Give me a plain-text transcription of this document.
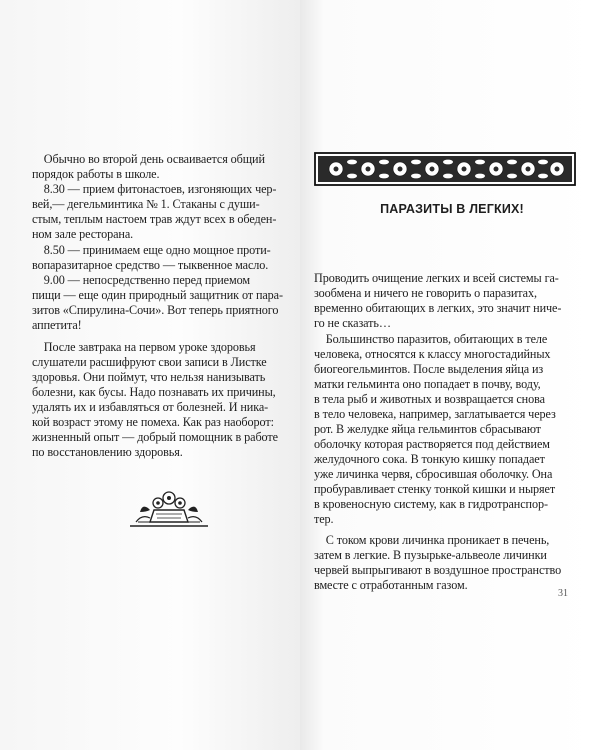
Обычно во второй день осваивается общий

порядок работы в школе.

8.30 — прием фитонастоев, изгоняющих чер-

вей,— дегельминтика № 1. Стаканы с души-

стым, теплым настоем трав ждут всех в обеден-

ном зале ресторана.

8.50 — принимаем еще одно мощное проти-

вопаразитарное средство — тыквенное масло.

9.00 — непосредственно перед приемом

пищи — еще один природный защитник от пара-

зитов «Спирулина-Сочи». Вот теперь приятного

аппетита!

После завтрака на первом уроке здоровья

слушатели расшифруют свои записи в Листке

здоровья. Они поймут, что нельзя нанизывать

болезни, как бусы. Надо познавать их причины,

удалять их и избавляться от болезней. И ника-

кой возраст этому не помеха. Как раз наоборот:

жизненный опыт — добрый помощник в работе

по восстановлению здоровья.

ПАРАЗИТЫ В ЛЕГКИХ!

Проводить очищение легких и всей системы га-

зообмена и ничего не говорить о паразитах,

временно обитающих в легких, это значит ниче-

го не сказать…

Большинство паразитов, обитающих в теле

человека, относятся к классу многостадийных

биогеогельминтов. После выделения яйца из

матки гельминта оно попадает в почву, воду,

в тела рыб и животных и возвращается снова

в тело человека, например, заглатывается через

рот. В желудке яйца гельминтов сбрасывают

оболочку которая растворяется под действием

желудочного сока. В тонкую кишку попадает

уже личинка червя, сбросившая оболочку. Она

пробуравливает стенку тонкой кишки и ныряет

в кровеносную систему, как в гидротранспор-

тер.

С током крови личинка проникает в печень,

затем в легкие. В пузырьке-альвеоле личинки

червей выпрыгивают в воздушное пространство

вместе с отработанным газом.

31
